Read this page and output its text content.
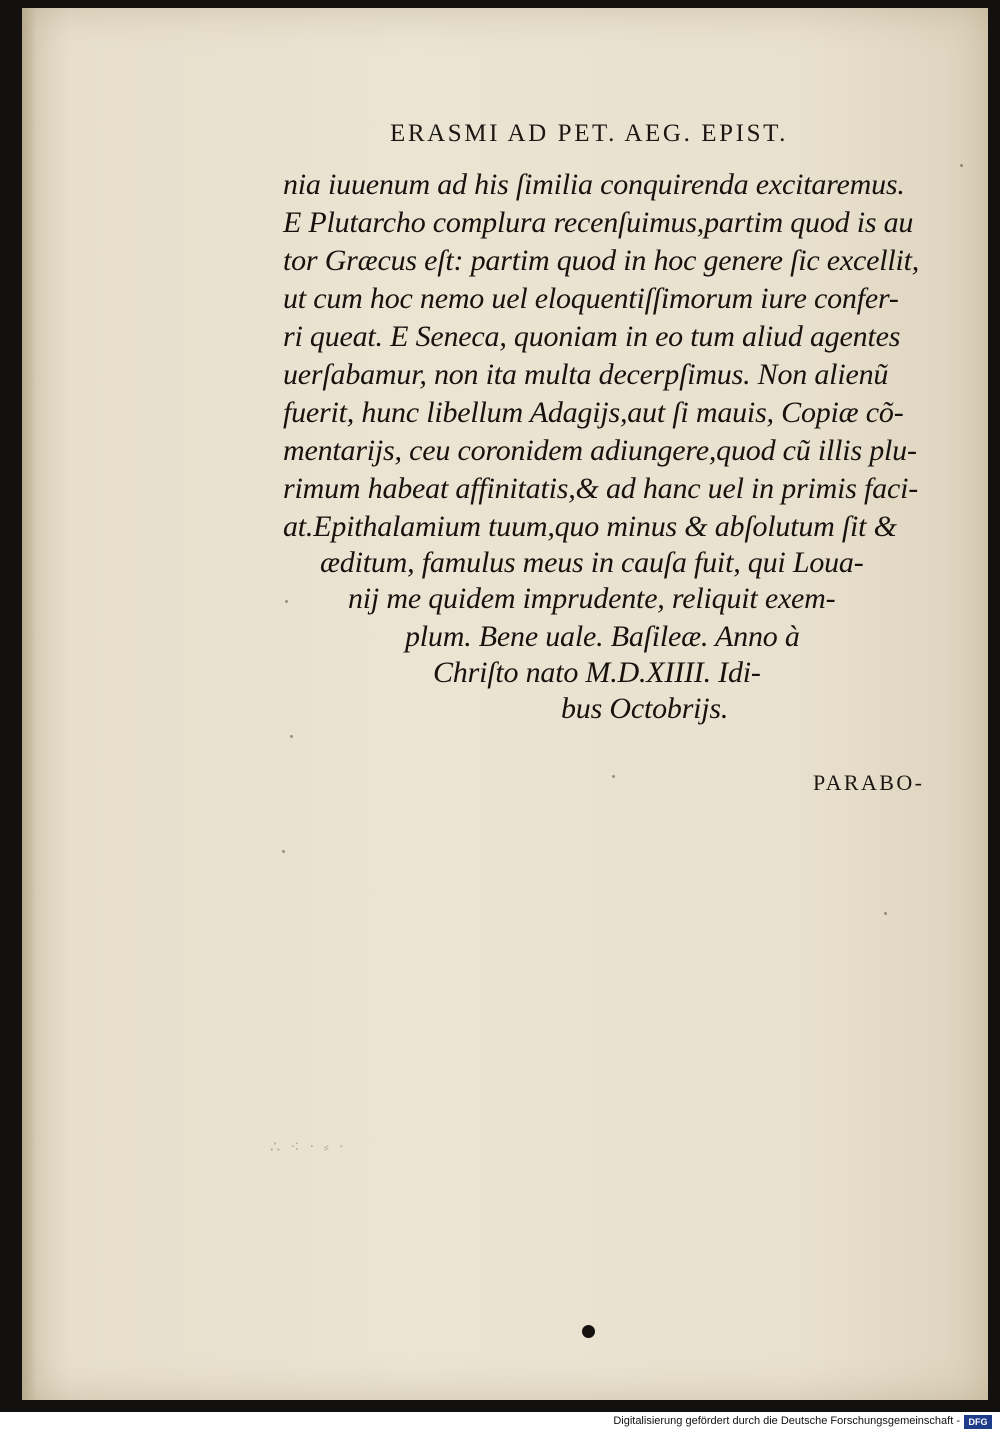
ERASMI AD PET. AEG. EPIST.
nia iuuenum ad his ſimilia conquirenda excitaremus.
E Plutarcho complura recenſuimus,partim quod is au
tor Græcus eſt: partim quod in hoc genere ſic excellit,
ut cum hoc nemo uel eloquentiſſimorum iure confer-
ri queat. E Seneca, quoniam in eo tum aliud agentes
uerſabamur, non ita multa decerpſimus. Non alienũ
fuerit, hunc libellum Adagijs,aut ſi mauis, Copiæ cõ-
mentarijs, ceu coronidem adiungere,quod cũ illis plu-
rimum habeat affinitatis,& ad hanc uel in primis faci-
at.Epithalamium tuum,quo minus & abſolutum ſit &
æditum, famulus meus in cauſa fuit, qui Loua-
nij me quidem imprudente, reliquit exem-
plum. Bene uale. Baſileæ. Anno à
Chriſto nato M.D.XIIII. Idi-
bus Octobrijs.
PARABO-
∴ ⁖ ᐧ ⸗ ᐧ
Digitalisierung gefördert durch die Deutsche Forschungsgemeinschaft - DFG
